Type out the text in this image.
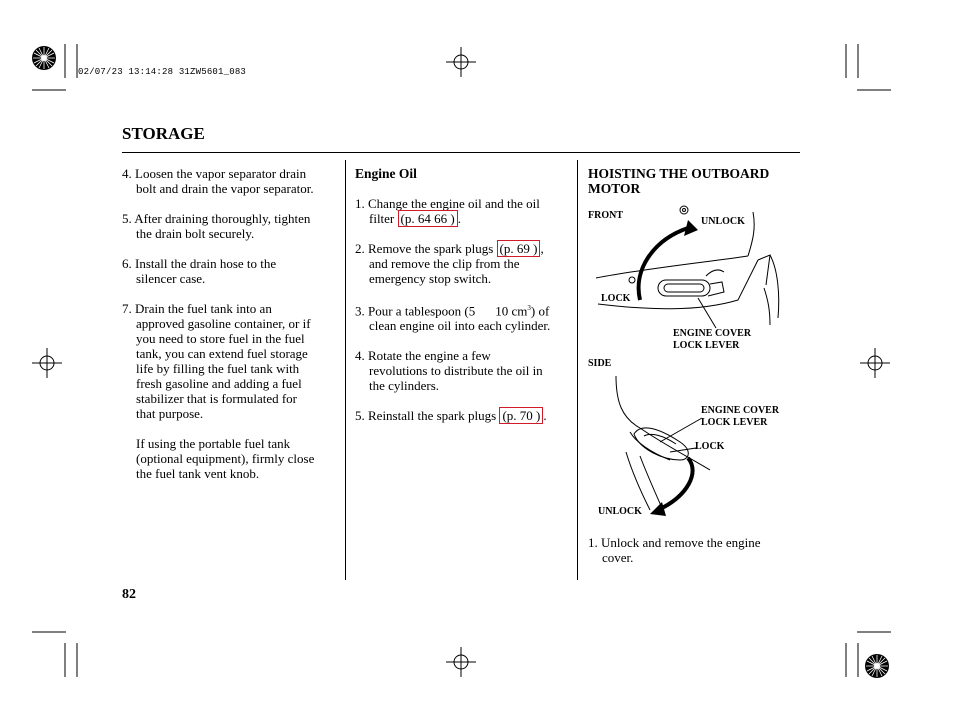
02/07/23 13:14:28 31ZW5601_083
STORAGE

4. Loosen the vapor separator drain

bolt and drain the vapor separator.

5. After draining thoroughly, tighten

the drain bolt securely.

6. Install the drain hose to the

silencer case.

7. Drain the fuel tank into an

approved gasoline container, or if

you need to store fuel in the fuel

tank, you can extend fuel storage

life by filling the fuel tank with

fresh gasoline and adding a fuel

stabilizer that is formulated for

that purpose.

If using the portable fuel tank

(optional equipment), firmly close

the fuel tank vent knob.

Engine Oil

1. Change the engine oil and the oil

filter (p. 64 66 ) .

2. Remove the spark plugs (p. 69 ) ,

and remove the clip from the

emergency stop switch.

3. Pour a tablespoon (5 10 $cm^3$) of

clean engine oil into each cylinder.

4. Rotate the engine a few

revolutions to distribute the oil in

the cylinders.

5. Reinstall the spark plugs (p. 70 ) .

HOISTING THE OUTBOARD
MOTOR
FRONT
UNLOCK
LOCK
ENGINE COVER
LOCK LEVER
SIDE
ENGINE COVER
LOCK LEVER
LOCK
UNLOCK

1. Unlock and remove the engine

cover.

82
